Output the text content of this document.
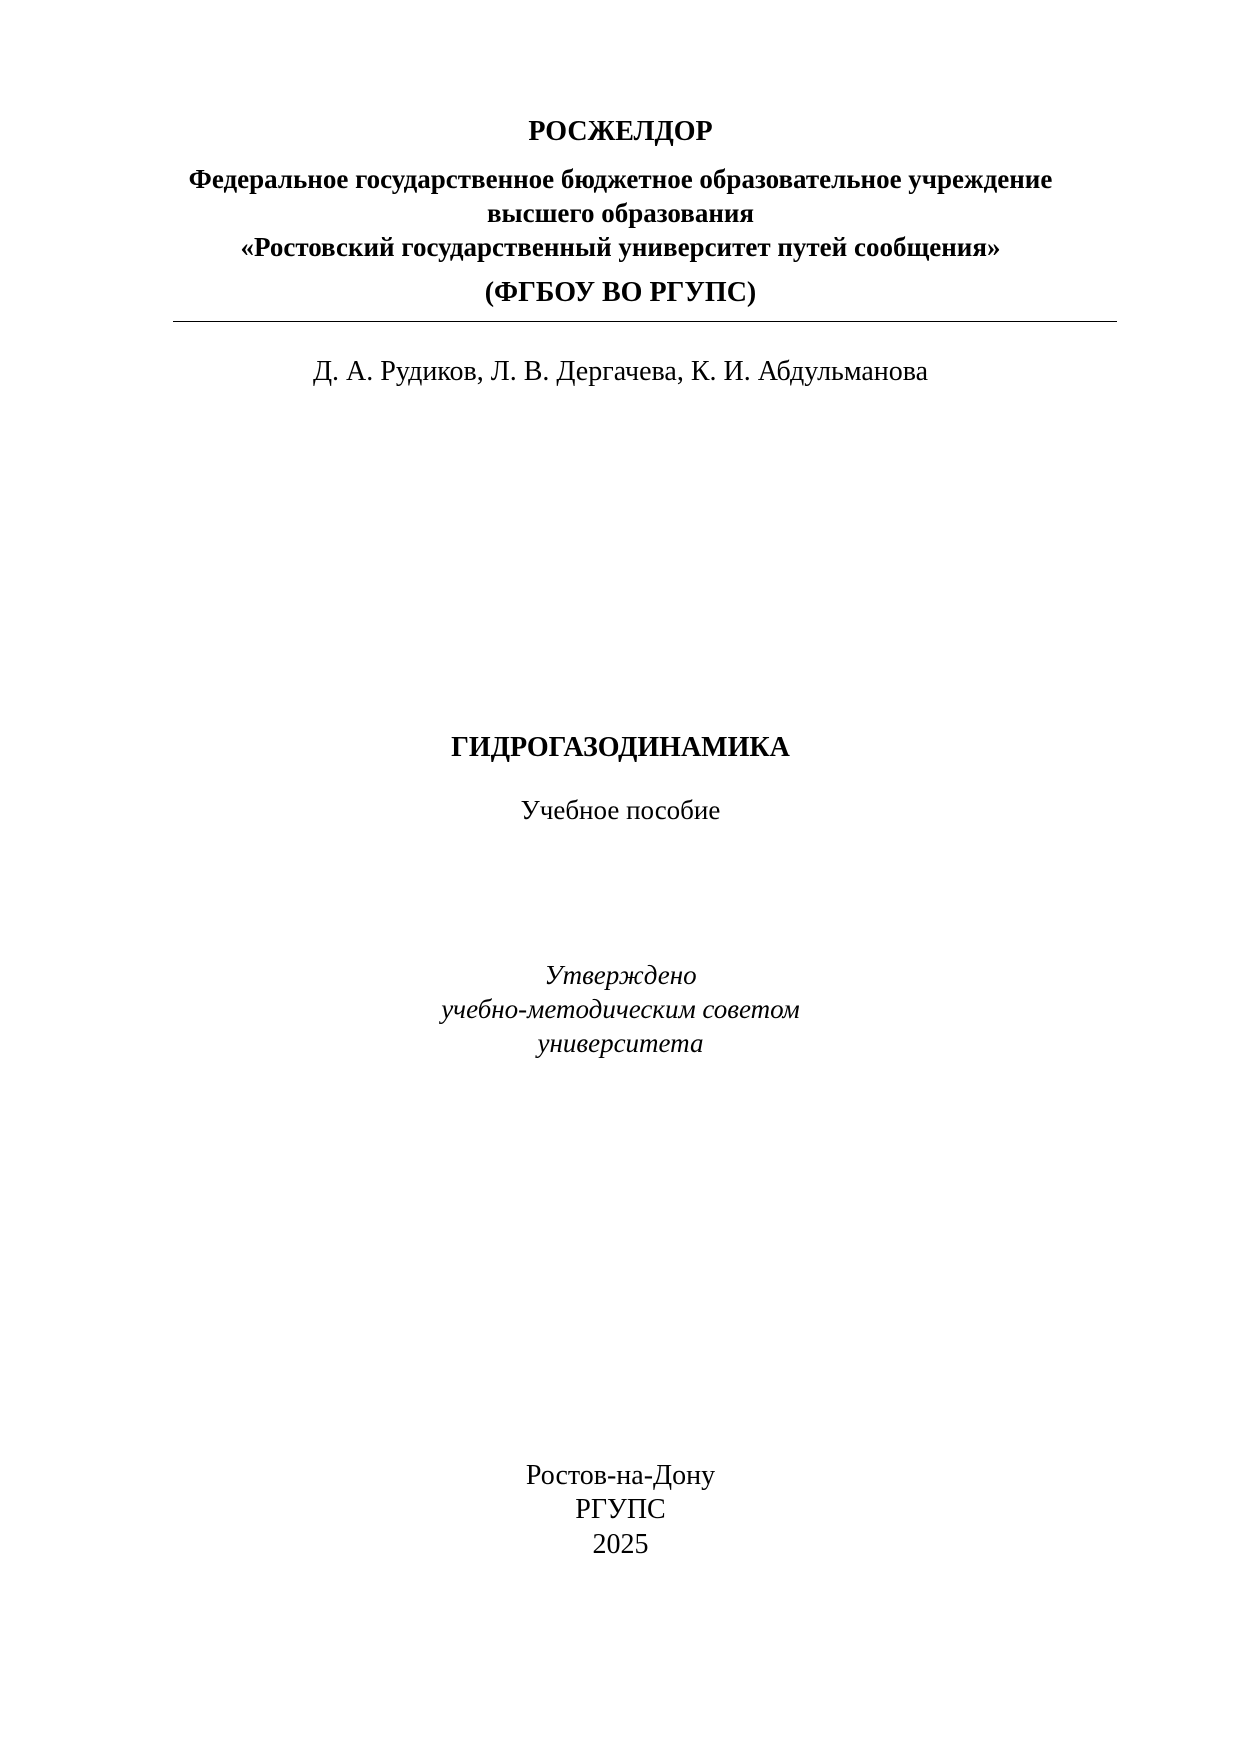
РОСЖЕЛДОР

Федеральное государственное бюджетное образовательное учреждение

высшего образования

«Ростовский государственный университет путей сообщения»

(ФГБОУ ВО РГУПС)

Д. А. Рудиков, Л. В. Дергачева, К. И. Абдульманова

ГИДРОГАЗОДИНАМИКА

Учебное пособие

Утверждено

учебно-методическим советом

университета

Ростов-на-Дону

РГУПС

2025
